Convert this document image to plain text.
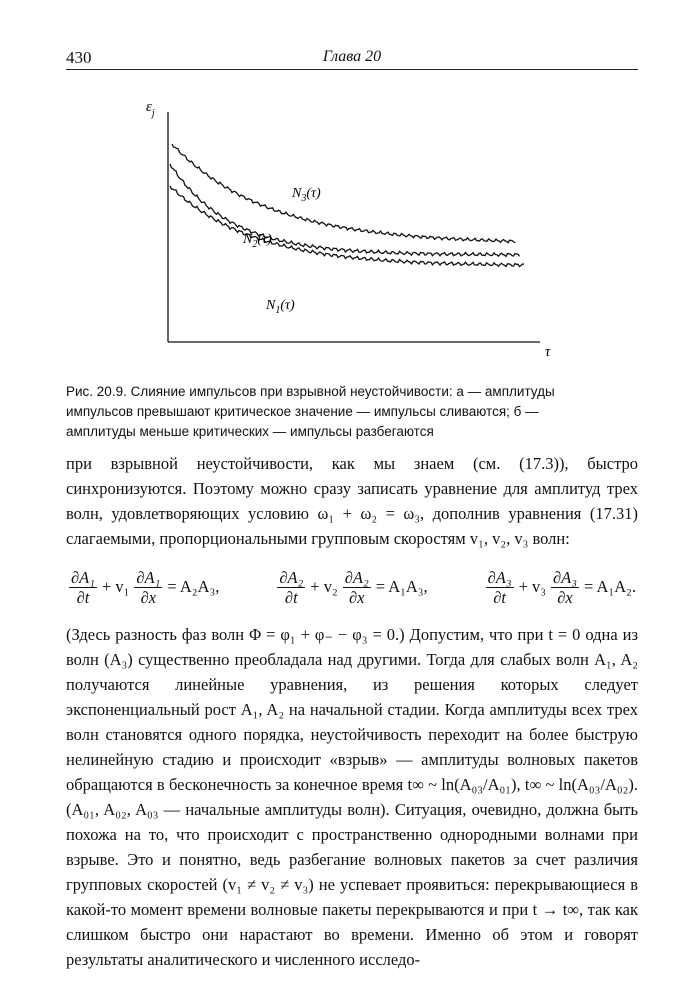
430	Глава 20
$\varepsilon_j$
τ
$N_3(\tau)$
$N_2(\tau)$
$N_1(\tau)$

Рис. 20.9. Слияние импульсов при взрывной неустойчивости: а — амплитуды

импульсов превышают критическое значение — импульсы сливаются; б —

амплитуды меньше критических — импульсы разбегаются

при взрывной неустойчивости, как мы знаем (см. (17.3)), быстро синхронизуются. Поэтому можно сразу записать уравнение для амплитуд трех волн, удовлетворяющих условию ω₁ + ω₂ = ω₃, дополнив уравнения (17.31) слагаемыми, пропорциональными групповым скоростям v₁, v₂, v₃ волн:

$\frac{\text{∂A₁}}{\partial t} + v_1 \frac{\text{∂A₁}}{\partial x} = A_2A_3$,	$\frac{\text{∂A₂}}{\partial t} + v_2 \frac{\text{∂A₂}}{\partial x} = A_1A_3$,	$\frac{\text{∂A₃}}{\partial t} + v_3 \frac{\text{∂A₃}}{\partial x} = A_1A_2$.

(Здесь разность фаз волн Φ = φ₁ + φ₋ − φ₃ = 0.) Допустим, что при t = 0 одна из волн (A₃) существенно преобладала над другими. Тогда для слабых волн A₁, A₂ получаются линейные уравнения, из решения которых следует экспоненциальный рост A₁, A₂ на начальной стадии. Когда амплитуды всех трех волн становятся одного порядка, неустойчивость переходит на более быструю нелинейную стадию и происходит «взрыв» — амплитуды волновых пакетов обращаются в бесконечность за конечное время t∞ ~ ln(A₀₃/A₀₁), t∞ ~ ln(A₀₃/A₀₂). (A₀₁, A₀₂, A₀₃ — начальные амплитуды волн). Ситуация, очевидно, должна быть похожа на то, что происходит с пространственно однородными волнами при взрыве. Это и понятно, ведь разбегание волновых пакетов за счет различия групповых скоростей (v₁ ≠ v₂ ≠ v₃) не успевает проявиться: перекрывающиеся в какой-то момент времени волновые пакеты перекрываются и при t → t∞, так как слишком быстро они нарастают во времени. Именно об этом и говорят результаты аналитического и численного исследо-
